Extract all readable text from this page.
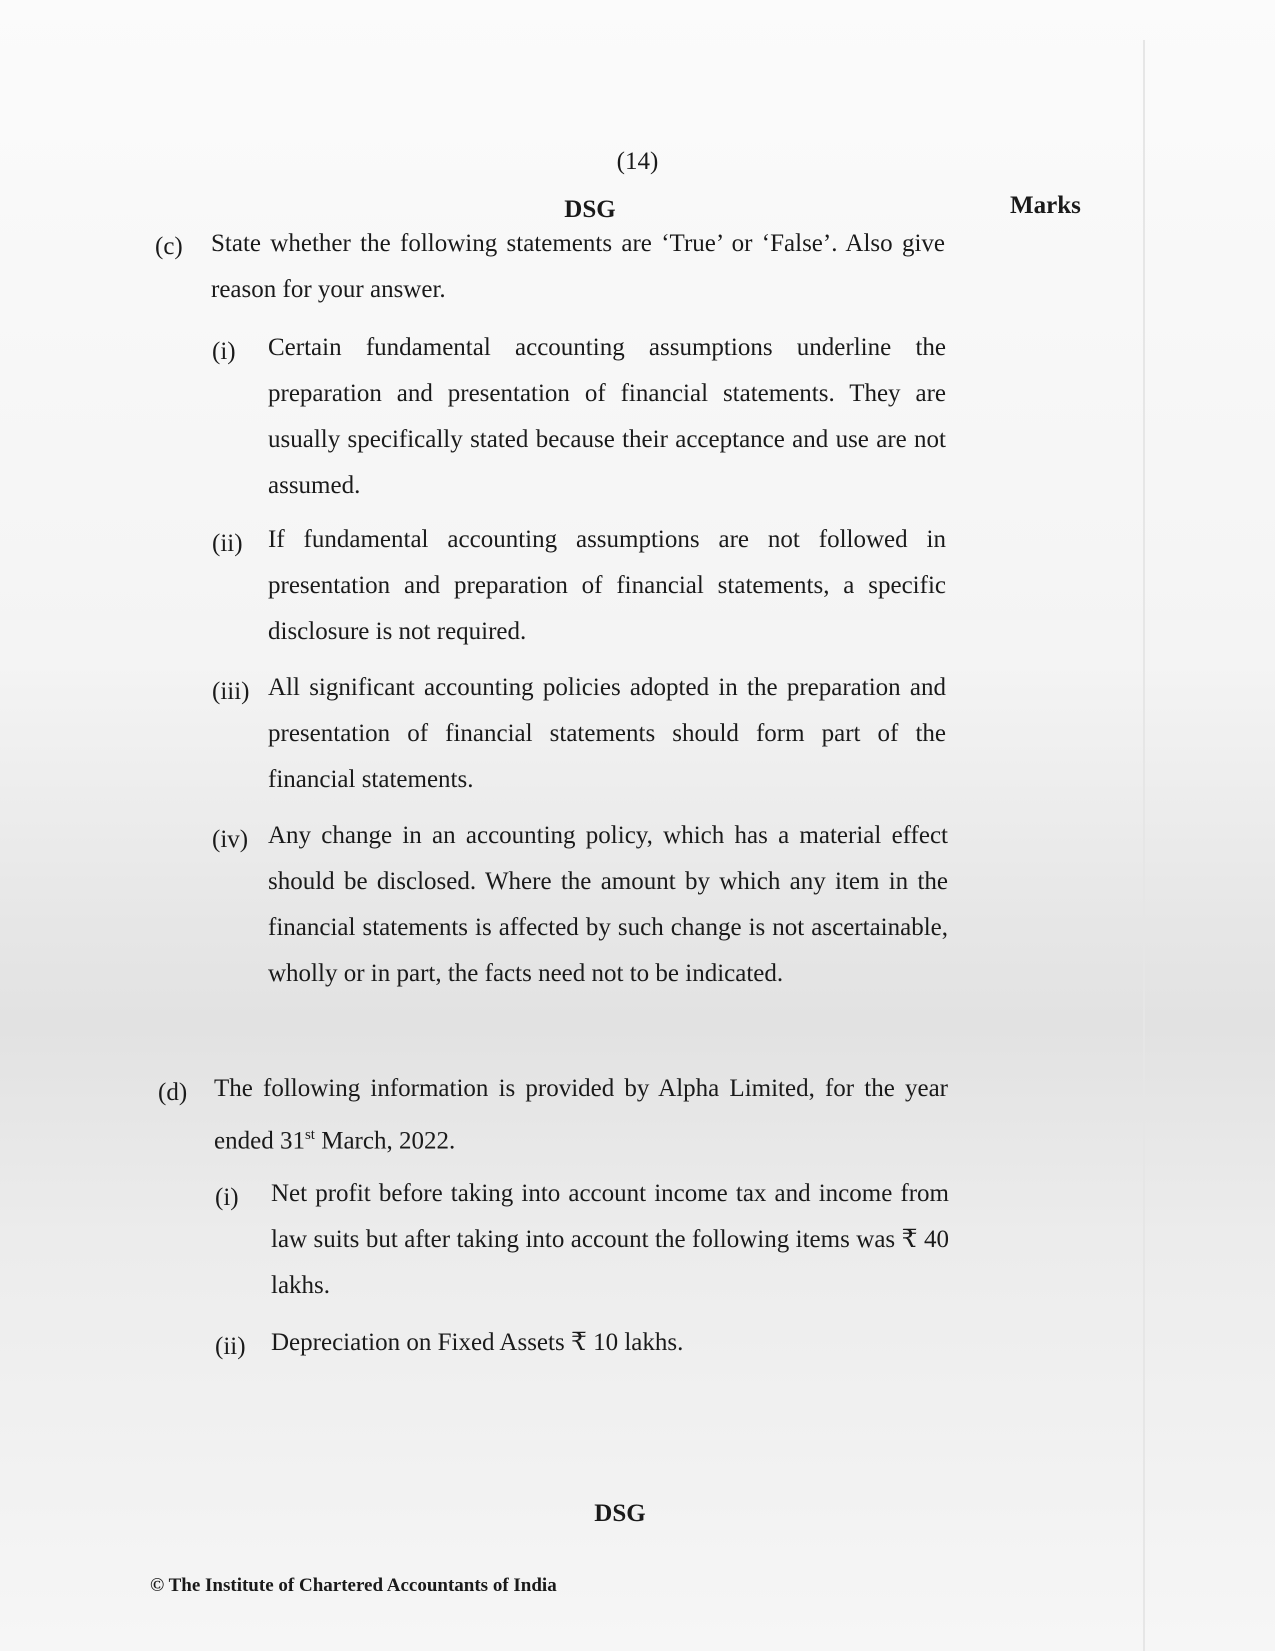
(14)

DSG	Marks

(c) State whether the following statements are ‘True’ or ‘False’. Also give reason for your answer.

(i) Certain fundamental accounting assumptions underline the preparation and presentation of financial statements. They are usually specifically stated because their acceptance and use are not assumed.

(ii) If fundamental accounting assumptions are not followed in presentation and preparation of financial statements, a specific disclosure is not required.

(iii) All significant accounting policies adopted in the preparation and presentation of financial statements should form part of the financial statements.

(iv) Any change in an accounting policy, which has a material effect should be disclosed. Where the amount by which any item in the financial statements is affected by such change is not ascertainable, wholly or in part, the facts need not to be indicated.

(d) The following information is provided by Alpha Limited, for the year ended 31st March, 2022.

(i) Net profit before taking into account income tax and income from law suits but after taking into account the following items was ₹ 40 lakhs.

(ii) Depreciation on Fixed Assets ₹ 10 lakhs.

DSG

© The Institute of Chartered Accountants of India
